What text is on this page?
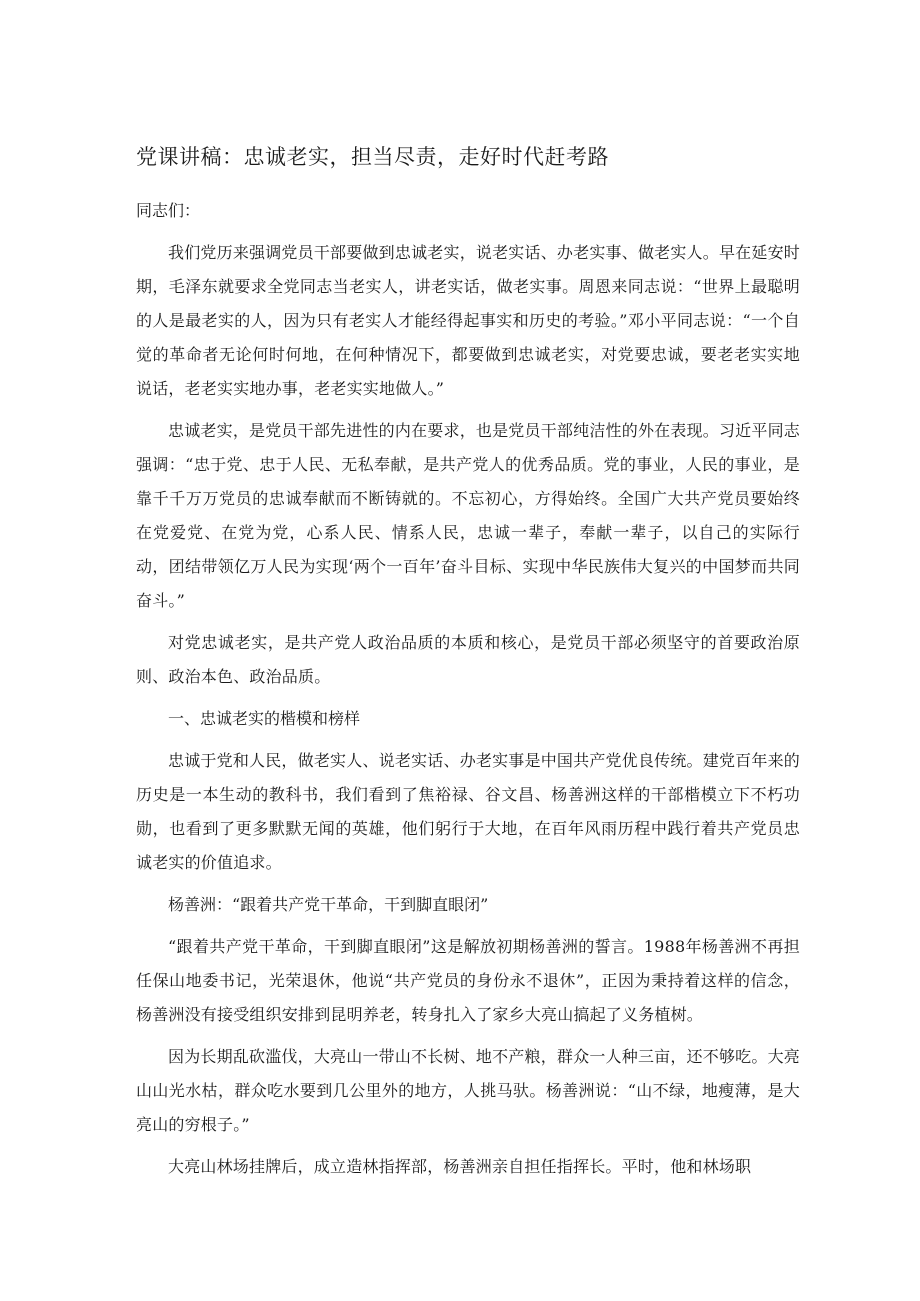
党课讲稿：忠诚老实，担当尽责，走好时代赶考路

同志们：

我们党历来强调党员干部要做到忠诚老实，说老实话、办老实事、做老实人。早在延安时期，毛泽东就要求全党同志当老实人，讲老实话，做老实事。周恩来同志说：“世界上最聪明的人是最老实的人，因为只有老实人才能经得起事实和历史的考验。”邓小平同志说：“一个自觉的革命者无论何时何地，在何种情况下，都要做到忠诚老实，对党要忠诚，要老老实实地说话，老老实实地办事，老老实实地做人。”

忠诚老实，是党员干部先进性的内在要求，也是党员干部纯洁性的外在表现。习近平同志强调：“忠于党、忠于人民、无私奉献，是共产党人的优秀品质。党的事业，人民的事业，是靠千千万万党员的忠诚奉献而不断铸就的。不忘初心，方得始终。全国广大共产党员要始终在党爱党、在党为党，心系人民、情系人民，忠诚一辈子，奉献一辈子，以自己的实际行动，团结带领亿万人民为实现‘两个一百年’奋斗目标、实现中华民族伟大复兴的中国梦而共同奋斗。”

对党忠诚老实，是共产党人政治品质的本质和核心，是党员干部必须坚守的首要政治原则、政治本色、政治品质。

一、忠诚老实的楷模和榜样

忠诚于党和人民，做老实人、说老实话、办老实事是中国共产党优良传统。建党百年来的历史是一本生动的教科书，我们看到了焦裕禄、谷文昌、杨善洲这样的干部楷模立下不朽功勋，也看到了更多默默无闻的英雄，他们躬行于大地，在百年风雨历程中践行着共产党员忠诚老实的价值追求。

杨善洲：“跟着共产党干革命，干到脚直眼闭”

“跟着共产党干革命，干到脚直眼闭”这是解放初期杨善洲的誓言。1988年杨善洲不再担任保山地委书记，光荣退休，他说“共产党员的身份永不退休”，正因为秉持着这样的信念，杨善洲没有接受组织安排到昆明养老，转身扎入了家乡大亮山搞起了义务植树。

因为长期乱砍滥伐，大亮山一带山不长树、地不产粮，群众一人种三亩，还不够吃。大亮山山光水枯，群众吃水要到几公里外的地方，人挑马驮。杨善洲说：“山不绿，地瘦薄，是大亮山的穷根子。”

大亮山林场挂牌后，成立造林指挥部，杨善洲亲自担任指挥长。平时，他和林场职
